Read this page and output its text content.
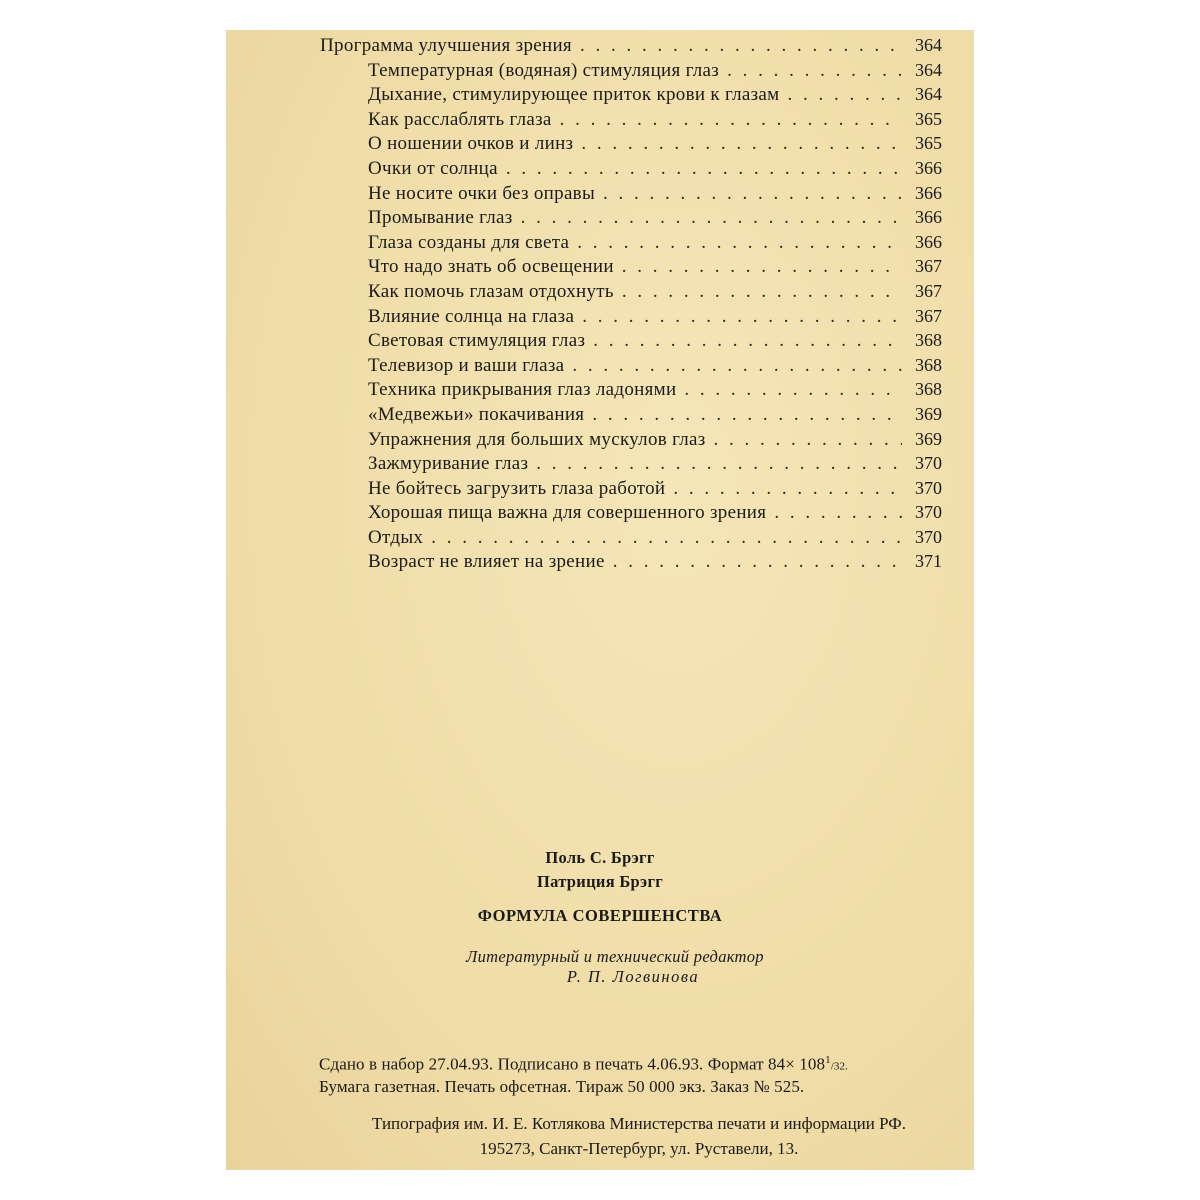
Программа улучшения зрения . . .	364
Температурная (водяная) стимуляция глаз . . .	364
Дыхание, стимулирующее приток крови к глазам . . .	364
Как расслаблять глаза . . .	365
О ношении очков и линз . . .	365
Очки от солнца . . .	366
Не носите очки без оправы . . .	366
Промывание глаз . . .	366
Глаза созданы для света . . .	366
Что надо знать об освещении . . .	367
Как помочь глазам отдохнуть . . .	367
Влияние солнца на глаза . . .	367
Световая стимуляция глаз . . .	368
Телевизор и ваши глаза . . .	368
Техника прикрывания глаз ладонями . . .	368
«Медвежьи» покачивания . . .	369
Упражнения для больших мускулов глаз . . .	369
Зажмуривание глаз . . .	370
Не бойтесь загрузить глаза работой . . .	370
Хорошая пища важна для совершенного зрения . . .	370
Отдых . . .	370
Возраст не влияет на зрение . . .	371
Поль С. Брэгг
Патриция Брэгг
ФОРМУЛА СОВЕРШЕНСТВА
Литературный и технический редактор
Р. П. Логвинова
Сдано в набор 27.04.93. Подписано в печать 4.06.93. Формат $84\times 108^1/32$.
Бумага газетная. Печать офсетная. Тираж 50 000 экз. Заказ № 525.
Типография им. И. Е. Котлякова Министерства печати и информации РФ.
195273, Санкт-Петербург, ул. Руставели, 13.
